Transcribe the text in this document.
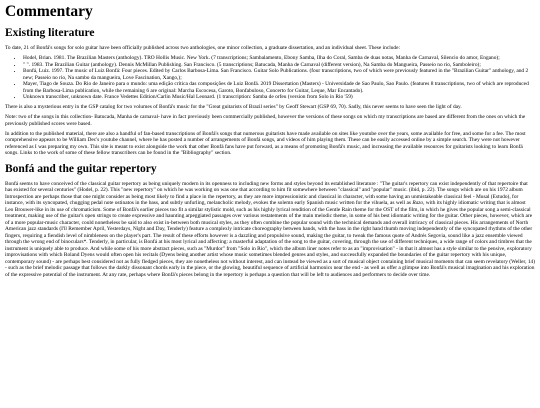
Commentary
Existing literature

To date, 21 of Bonfá's songs for solo guitar have been officially published across two anthologies, one minor collection, a graduate dissertation, and an individual sheet. These include:

• Hodel, Brian. 1981. The Brazilian Masters (anthology). TRO Hollis Music. New York. (7 transcriptions; Sambalamento, Ebony Samba, Ilha do Coral, Samba de duas notas, Manha de Carnaval, Silencio do amor, Engano);
• " ". 1983. The Brazilian Guitar (anthology). Dennis McMillan Publishing. San Francisco. (5 transcriptions; Batucada, Manha de Carnaval (different version), Na Samba do Mangueira, Passeio no rio, Samboleiro);
• Bonfá, Luiz. 1997. The music of Luiz Bonfá: Four pieces. Edited by Carlos Barbosa-Lima. San Francisco. Guitar Solo Publications. (four transcriptions, two of which were previously featured in the "Brazilian Guitar" anthology, and 2 new; Passeio no rio, Na sambo da mangueira, Love Fascination, Xango,);
• Mayer, Tiago de Souza. Do Rio de Janeiro para o mundo: uma edição crítica das composições de Luiz Bonfá. 2019 Dissertation (Masters) - Universidade de Sao Paulo, Sao Paulo. (features 8 transcriptions, two of which are reproduced from the Barbosa-Lima publication, while the remaining 6 are original: Marcha Escocesa, Garoto, Bonfabuloso, Concerto for Guitar, Leque, Mar Encantado).
• Unknown transcriber, unknown date. France Vedettes Edition/Carlin Music/Hal Leonard. (1 transcription: Samba de orfeu (version from Solo in Rio '59)

There is also a mysterious entry in the GSP catalog for two volumes of Bonfá's music for the "Great guitarists of Brazil series" by Geoff Stewart (GSP 69, 70). Sadly, this never seems to have seen the light of day.

Note: two of the songs in this collection- Batucada, Manha de carnaval- have in fact previously been commercially published, however the versions of these songs on which my transcriptions are based are different from the ones on which the previously published scores were based.

In addition to the published material, there are also a handful of fan-based transcriptions of Bonfá's songs that numerous guitarists have made available on sites like youtube over the years, some available for free, and some for a fee. The most comprehensive appears to be William Dec's youtube channel, where he has posted a number of arrangements of Bonfá songs, and videos of him playing them. These can be easily accessed online by a simple search. They were not however referenced as I was preparing my own. This site is meant to exist alongside the work that other Bonfá fans have put forward, as a means of promoting Bonfá's music, and increasing the available resources for guitarists looking to learn Bonfá songs. Links to the work of some of these fellow transcribers can be found in the "Bibliography" section.

Bonfá and the guitar repertory

Bonfá seems to have conceived of the classical guitar repertory as being uniquely modern in its openness to including new forms and styles beyond its established literature : "The guitar's repertory can exist independently of that repertoire that has existed for several centuries" (Hodel, p. 22). This "new repertory" on which he was working on was one that according to him fit somewhere between "classical" and "popular" music. (ibid, p. 22). The songs which are on his 1972 album Introspection are perhaps those that one might consider as being most likely to find a place in the repertory, as they are more impressionistic and classical in character, with some having an unmistakeable classical feel - Musal (Estudo), for instance, with its syncopated, chugging pedal note ostinatos in the bass, and subtly unfurling, melancholic melody, evokes the solemn early Spanish music written for the vihuela, as well as Razo, with its highly idiomatic writing that is almost Leo Brouwer-like in its use of chromaticism. Some of Bonfá's earlier pieces too fit a similar stylistic mold, such as his highly lyrical rendition of the Gentle Rain theme for the OST of the film, in which he gives the popular song a semi-classical treatment, making use of the guitar's open strings to create expressive and haunting arpeggiated passages over various restatements of the main melodic theme, in some of his best idiomatic writing for the guitar. Other pieces, however, which are of a more popular-music character, could nonetheless be said to also exist in-between both musical styles, as they often combine the popular sound with the technical demands and overall intricacy of classical pieces. His arrangements of North American jazz standards (I'll Remember April, Yesterdays, Night and Day, Tenderly) feature a complexly intricate choreography between hands, with the bass in the right hand thumb moving independently of the syncopated rhythms of the other fingers, requiring a fiendish level of nimbleness on the player's part. The result of these efforts however is a dazzling and propulsive sound, making the guitar, to tweak the famous quote of Andrés Segovia, sound like a jazz ensemble viewed through the wrong end of binoculars*. Tenderly, in particular, is Bonfá at his most lyrical and affecting: a masterful adaptation of the song to the guitar, covering, through the use of different techniques, a wide range of colors and timbres that the instrument is uniquely able to produce. And while some of his more abstract pieces, such as "Murdor" from "Solo in Rio", which the album liner notes refer to as an "improvisation" - in that it almost has a style similar to the pensive, exploratory improvisations with which Roland Dyens would often open his recitals (Dyens being another artist whose music sometimes blended genres and styles, and successfully expanded the boundaries of the guitar repertory with his unique, contemporary sound) - are perhaps best considered not as fully fledged pieces, they are nonetheless not without interest, and can instead be viewed as a sort of musical object containing brief musical moments that can seem revelatory (Weller, 14) - such as the brief melodic passage that follows the darkly dissonant chords early in the piece, or the glowing, beautiful sequence of artificial harmonics near the end - as well as offer a glimpse into Bonfá's musical imagination and his exploration of the expressive potential of the instrument. At any rate, perhaps where Bonfá's pieces belong in the repertory is perhaps a question that will be left to audiences and performers to decide over time.
